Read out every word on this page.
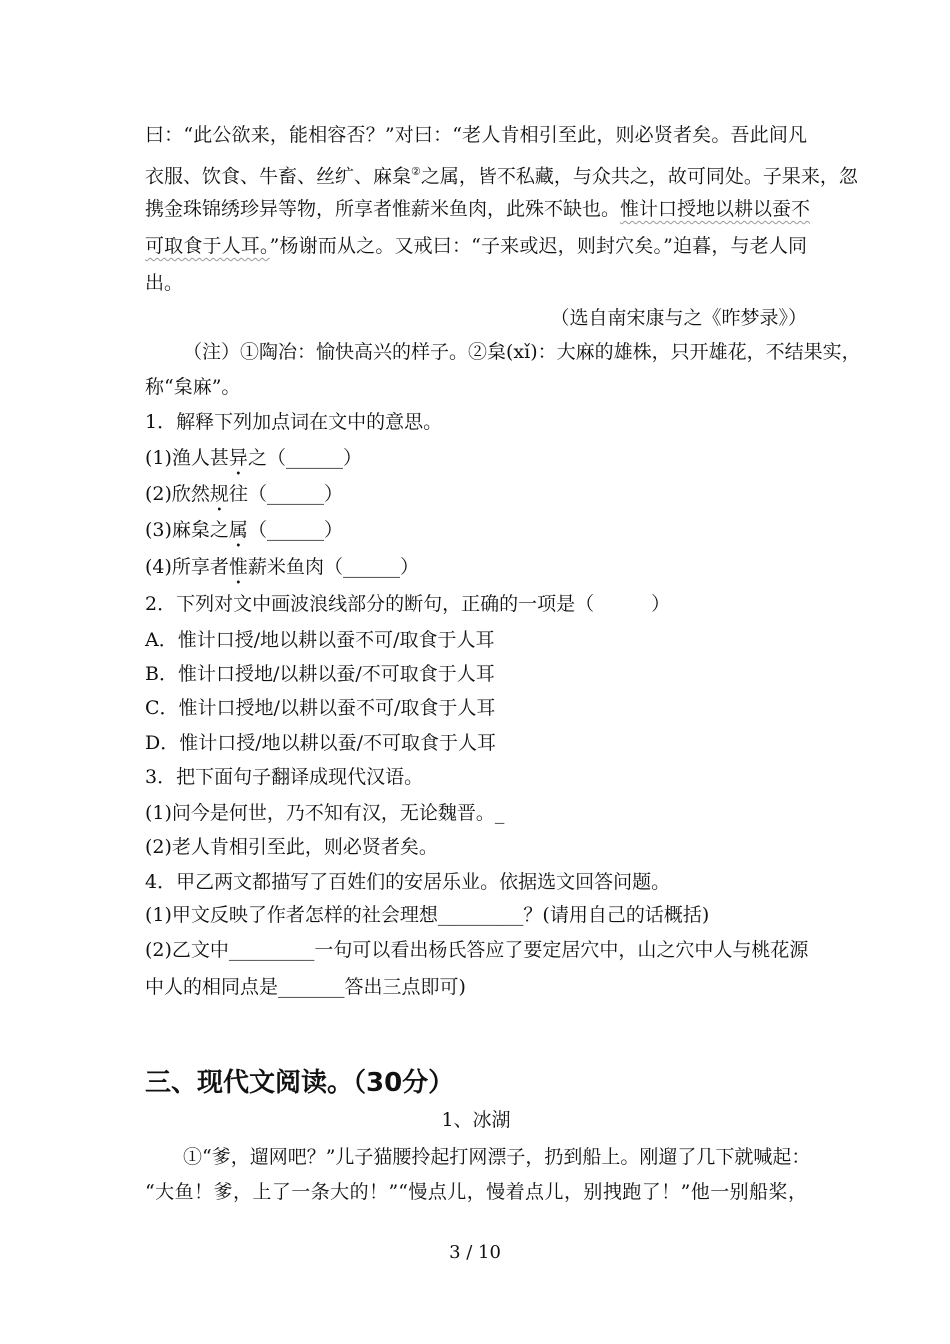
曰：“此公欲来，能相容否？”对曰：“老人肯相引至此，则必贤者矣。吾此间凡
衣服、饮食、牛畜、丝纩、麻枲②之属，皆不私藏，与众共之，故可同处。子果来，忽
携金珠锦绣珍异等物，所享者惟薪米鱼肉，此殊不缺也。惟计口授地以耕以蚕不
可取食于人耳。”杨谢而从之。又戒曰：“子来或迟，则封穴矣。”迫暮，与老人同
出。
（选自南宋康与之《昨梦录》）
（注）①陶冶：愉快高兴的样子。②枲(xǐ)：大麻的雄株，只开雄花，不结果实，
称“枲麻”。
1．解释下列加点词在文中的意思。
(1)渔人甚异之（______）
(2)欣然规往（______）
(3)麻枲之属（______）
(4)所享者惟薪米鱼肉（______）
2．下列对文中画波浪线部分的断句，正确的一项是（　　　）
A．惟计口授/地以耕以蚕不可/取食于人耳
B．惟计口授地/以耕以蚕/不可取食于人耳
C．惟计口授地/以耕以蚕不可/取食于人耳
D．惟计口授/地以耕以蚕/不可取食于人耳
3．把下面句子翻译成现代汉语。
(1)问今是何世，乃不知有汉，无论魏晋。_
(2)老人肯相引至此，则必贤者矣。
4．甲乙两文都描写了百姓们的安居乐业。依据选文回答问题。
(1)甲文反映了作者怎样的社会理想_________？(请用自己的话概括)
(2)乙文中_________一句可以看出杨氏答应了要定居穴中，山之穴中人与桃花源
中人的相同点是_______答出三点即可)
三、现代文阅读。（30分）
1、冰湖
①“爹，遛网吧？”儿子猫腰拎起打网漂子，扔到船上。刚遛了几下就喊起：
“大鱼！爹，上了一条大的！”“慢点儿，慢着点儿，别拽跑了！”他一别船桨，
3 / 10
